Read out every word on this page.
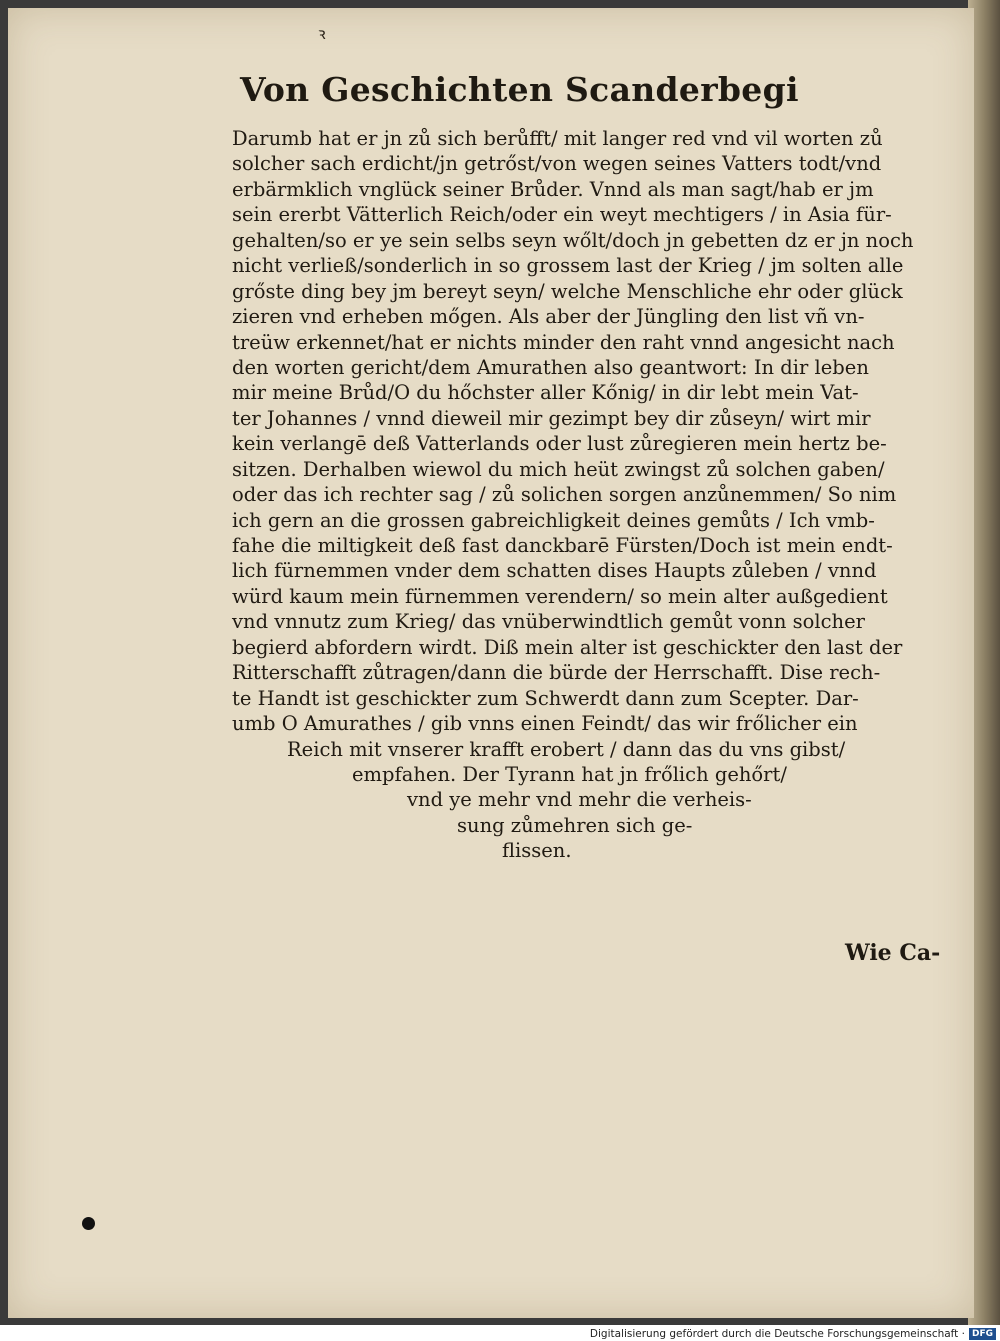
ꝛ
Von Geschichten Scanderbegi
Darumb hat er jn zů sich berůfft/ mit langer red vnd vil worten zů
solcher sach erdicht/jn getrőst/von wegen seines Vatters todt/vnd
erbärmklich vnglück seiner Brůder. Vnnd als man sagt/hab er jm
sein ererbt Vätterlich Reich/oder ein weyt mechtigers / in Asia für-
gehalten/so er ye sein selbs seyn wőlt/doch jn gebetten dz er jn noch
nicht verließ/sonderlich in so grossem last der Krieg / jm solten alle
grőste ding bey jm bereyt seyn/ welche Menschliche ehr oder glück
zieren vnd erheben mőgen. Als aber der Jüngling den list vñ vn-
treüw erkennet/hat er nichts minder den raht vnnd angesicht nach
den worten gericht/dem Amurathen also geantwort: In dir leben
mir meine Brůd/O du hőchster aller Kőnig/ in dir lebt mein Vat-
ter Johannes / vnnd dieweil mir gezimpt bey dir zůseyn/ wirt mir
kein verlangē deß Vatterlands oder lust zůregieren mein hertz be-
sitzen. Derhalben wiewol du mich heüt zwingst zů solchen gaben/
oder das ich rechter sag / zů solichen sorgen anzůnemmen/ So nim
ich gern an die grossen gabreichligkeit deines gemůts / Ich vmb-
fahe die miltigkeit deß fast danckbarē Fürsten/Doch ist mein endt-
lich fürnemmen vnder dem schatten dises Haupts zůleben / vnnd
würd kaum mein fürnemmen verendern/ so mein alter außgedient
vnd vnnutz zum Krieg/ das vnüberwindtlich gemůt vonn solcher
begierd abfordern wirdt. Diß mein alter ist geschickter den last der
Ritterschafft zůtragen/dann die bürde der Herrschafft. Dise rech-
te Handt ist geschickter zum Schwerdt dann zum Scepter. Dar-
umb O Amurathes / gib vnns einen Feindt/ das wir frőlicher ein
Reich mit vnserer krafft erobert / dann das du vns gibst/
empfahen. Der Tyrann hat jn frőlich gehőrt/
vnd ye mehr vnd mehr die verheis-
sung zůmehren sich ge-
flissen.
Wie Ca-
Digitalisierung gefördert durch die Deutsche Forschungsgemeinschaft · DFG
